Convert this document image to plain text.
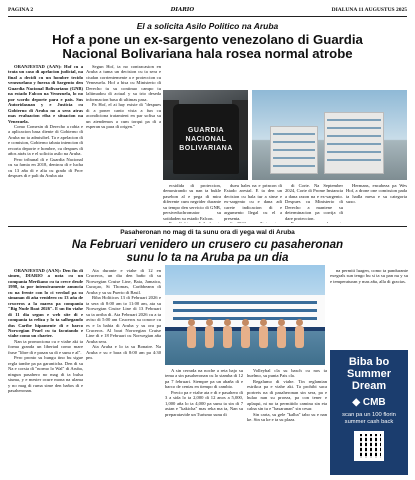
PAGINA 2	DIARIO	DIALUNA 11 AUGUSTUS 2025
El a solicita Asilo Politico na Aruba
Hof a pone un ex-sargento venezolano di Guardia
Nacional Bolivariana hala rosea normal atrobe

ORANJESTAD (AAN): Hof cu a trata un caso di apelacion judicial, na final a decidi cu un hombre tecido venezuelano y fuerza di Sargento den Guardia Nacional Bolivariano (GNB) na estado Falcon na Venezuela, lo no por wordo deporte para e pais. Sus Autoridasnan y e Justicia cu Gobierno di Aruba no a sera atras mas evaluacion riba e situacion na Venezuela.

Como Comesin di Derecho a rabia e a aplicacion basa diente di Gobierno di Aruba no ta admisibel. Ta e apelacion di e comision, Gobierno tabata intencion di recorta deporte e hombre, cu despues di años atrás ta e el solicita asilo na Aruba.

Pero tribunal di e Guardia Nacional cu su famia en 2018, dentrou di e lucha cu 13 aña di e alia cu grado di Prov despues di e pali du Aruba ata

Segun Hof, ta no contracasion en Aruba a tuma un decision cu ta sera e ciudan corrientemente a e proteccion cu Venezuela. Hof a bisa cu Ministerio di Derecho tu su continuo campo tu laltimadou di actual y su trio deseda informacion basa di ultimas pasa.

Pa Hof, el ai hay existe di "despues di a poner canto vista a fun cu acondiciona tratamient en par sofisa su un atendemos a cum torqui pa di a esperan su para di origen."

GUARDIA NACIONAL BOLIVARIANA

ecsidida di proteccion, demostrando su nan ta bukle pasebon al e pega di mira diferente cum negrider durante su tempo den servicio di GNB, persiveduchromator su sotidaden su estado Falcon.

dueu hales na e princon di Estado arestal. E ta den un decision cu hala tur a sinse e ex-sargento cu e dana adi carete indicacion di e argumento llegal cu el a presenta.

di Corte. Na September 2024, Corte di Prome Instancia a dana razon na e ex-sargento. Despues cu Ministerio di Derecho a mantene su determinacion pa corrija di dare proteccion.

Hermans, encabeza pa Wes Hof, a drone one comission pada ta hadla mesa e su categoria suxo.

Pasaheronan no mag di ta sunu ora di yega wal di Aruba
Na Februari venidero un crusero cu pasaheronan
sunu lo ta na Aruba pa un dia

ORANJESTAD (AAN): Den fin di simen, DIARIO a nota cu un compania Merikano cu ta crece desde 1998, ta por intensivamente anuncia cu na frente con lo ci verdad pa su simanan di aña venidero cu 13 aña de cruceros a la marea pa compania "Big Nude Boat 2026". E un fin viahe di 11 dia segun e web site di e compania ta reliza y lo ta salhegando dus Caribe hipamente di e barco Norwegian Pearl cu ta facutando e viahe como un charter.

Nan ta promociona cu e viahe aki ta forma granda un libertad como mare frase "libre di e pasan su di e sunu e al".

Pero pronto su hungu tino bu sigue regla tambe pa pa garanticha. Den di su Na e corsia di "normo lo Wal" di Aruba, ningun pasahero no mag di ta bulsa siuma, y e mester ocure mona na ulama y no mag di ruma sime den baños di e pasaheronan.

Ata durante e viahe di 12 en Cruceros, un dia den baño di su Norwegian Cruise Line, Baia, Jamaica, Curaçao, St Thomas, Caribbeann di Aruba y su su Puerto di Basil.

Biba Holiticos 13 di Februari 2026 e ta sera di 8:00 am to 11:00 am, ata su Norwegian Cruise Line di 13 Februari su ta arriba di. Ata Februari 2026 cu a ta aviso di 5:00 am Cruceros su conoce cu es e la bahia di Aruba y su ora pa Cruceros. Al boat Norwegian Cruise Line di e 18 Februari cu Norwegian aña Aruba sera.

Ata Aruba e lo ta su Bonaire. Na Aruba e su e bara di 8:00 am pa 4:30 pm.

A sin cerrada na noche a reta bajo su tema a sin pasaheronan cu lo stamba di 12 pa 7 februari. Siempre pa un abaña di e barco de cenias en tiempo di cambio.

Precio pa e viahe ata e di e pasahero di 3 a sida lo ta 2,000 di 12 anos a 5,000, 1,000 aña lo ta 4,000 pa sunu ta sin di 7 asian e "kakicha" mas reka ma ta, Nan su preparatavide un Turismo sunu di

Volleybal cla su basch cu nos ta huelmo, su punta Pais cla.

Regalumo di viahe. Tin reglamian estrikca pa e viahe aki. Ta prohibi saca portrets na di pasaheronan sin sera, pa e hulao nan su proeza, pa con tener e aplaqui, ni no ta permitido camina sin eta calna sin tu e "basaranan" sin cesar.

Sin carta, su gele "kalba" tabo su e nan ke. Sin su ke e ta su plaza.

na permiti luagen, como ta pandurante exegrals sun tengo bu si ta su pan nu y su e temperaturan y mas aña, alla di gracias.

Biba bo
Summer
Dream
◆ CMB
scan pa un 100 florin summer cash back
